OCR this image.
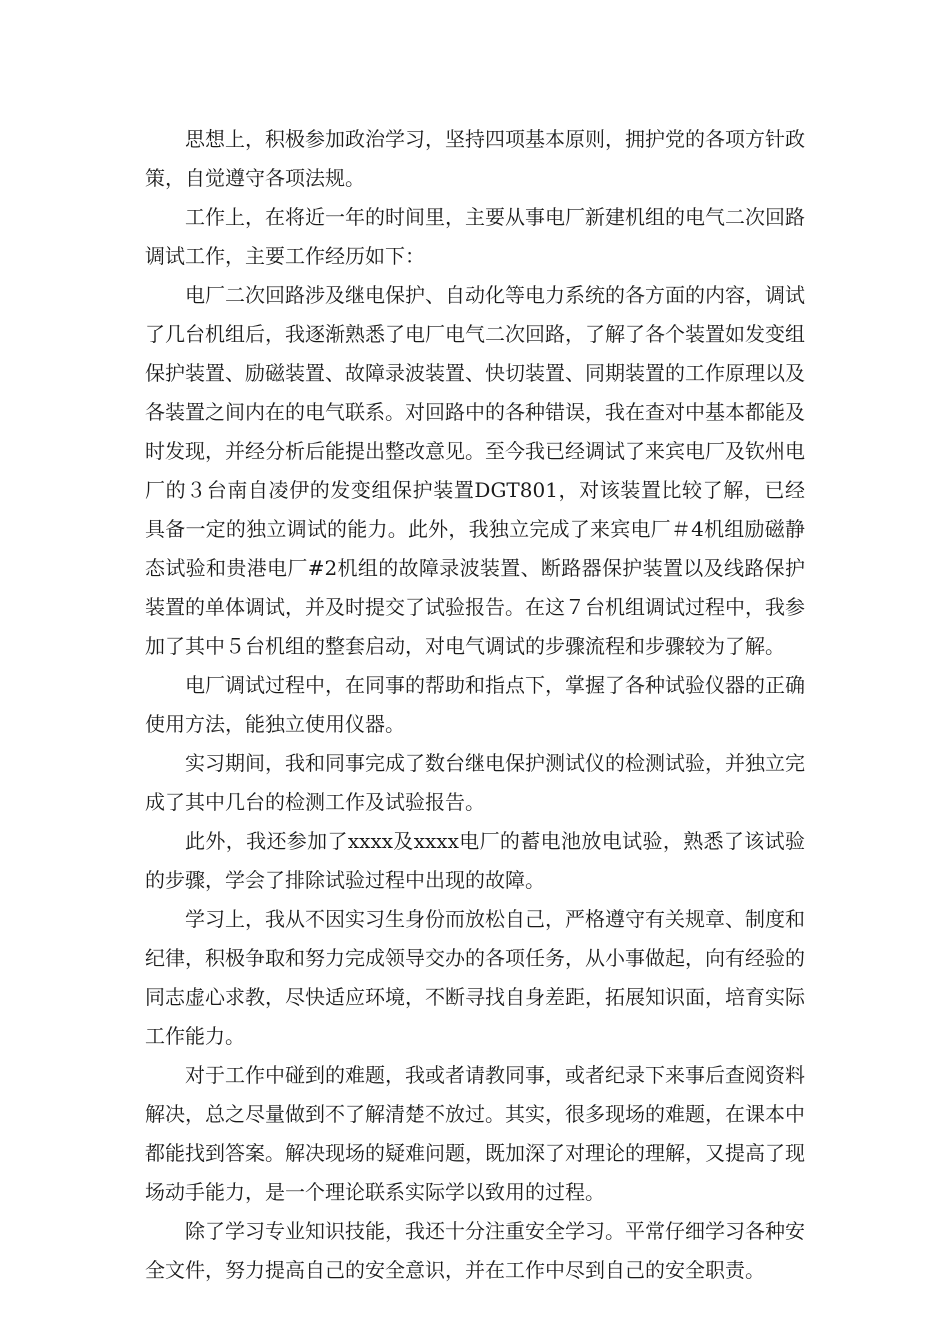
思想上，积极参加政治学习，坚持四项基本原则，拥护党的各项方针政策，自觉遵守各项法规。

工作上，在将近一年的时间里，主要从事电厂新建机组的电气二次回路调试工作，主要工作经历如下：

电厂二次回路涉及继电保护、自动化等电力系统的各方面的内容，调试了几台机组后，我逐渐熟悉了电厂电气二次回路，了解了各个装置如发变组保护装置、励磁装置、故障录波装置、快切装置、同期装置的工作原理以及各装置之间内在的电气联系。对回路中的各种错误，我在查对中基本都能及时发现，并经分析后能提出整改意见。至今我已经调试了来宾电厂及钦州电厂的３台南自凌伊的发变组保护装置DGT801，对该装置比较了解，已经具备一定的独立调试的能力。此外，我独立完成了来宾电厂＃4机组励磁静态试验和贵港电厂#2机组的故障录波装置、断路器保护装置以及线路保护装置的单体调试，并及时提交了试验报告。在这７台机组调试过程中，我参加了其中５台机组的整套启动，对电气调试的步骤流程和步骤较为了解。

电厂调试过程中，在同事的帮助和指点下，掌握了各种试验仪器的正确使用方法，能独立使用仪器。

实习期间，我和同事完成了数台继电保护测试仪的检测试验，并独立完成了其中几台的检测工作及试验报告。

此外，我还参加了xxxx及xxxx电厂的蓄电池放电试验，熟悉了该试验的步骤，学会了排除试验过程中出现的故障。

学习上，我从不因实习生身份而放松自己，严格遵守有关规章、制度和纪律，积极争取和努力完成领导交办的各项任务，从小事做起，向有经验的同志虚心求教，尽快适应环境，不断寻找自身差距，拓展知识面，培育实际工作能力。

对于工作中碰到的难题，我或者请教同事，或者纪录下来事后查阅资料解决，总之尽量做到不了解清楚不放过。其实，很多现场的难题，在课本中都能找到答案。解决现场的疑难问题，既加深了对理论的理解，又提高了现场动手能力，是一个理论联系实际学以致用的过程。

除了学习专业知识技能，我还十分注重安全学习。平常仔细学习各种安全文件，努力提高自己的安全意识，并在工作中尽到自己的安全职责。
